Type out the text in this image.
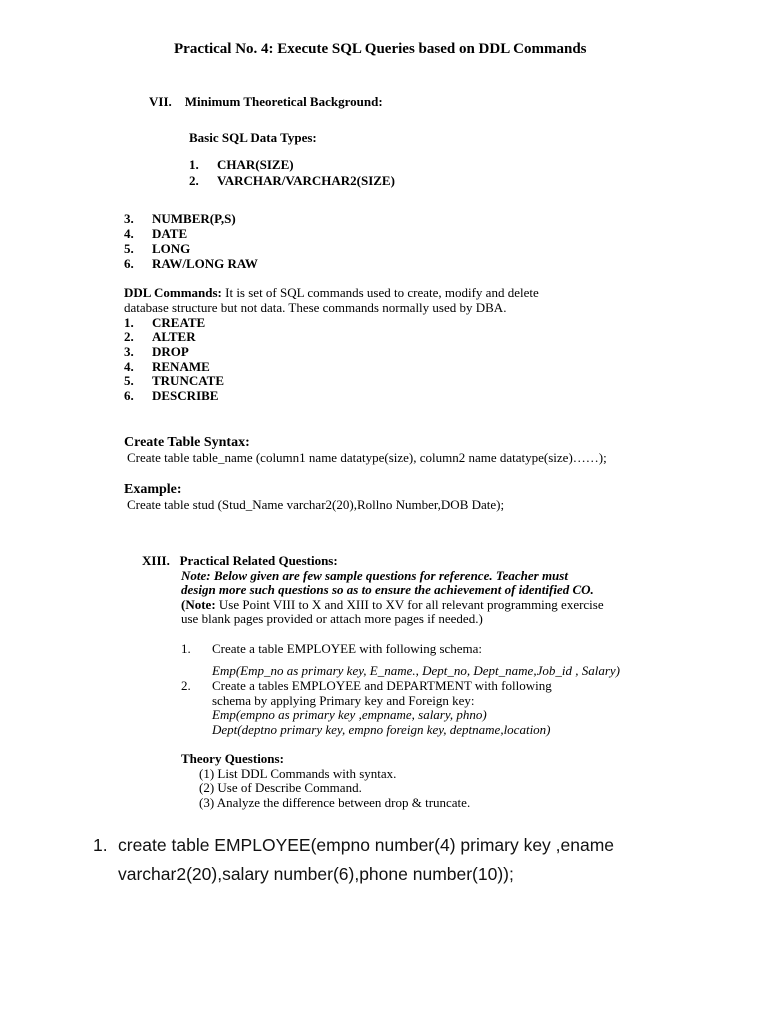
Practical No. 4: Execute SQL Queries based on DDL Commands
VII.    Minimum Theoretical Background:
Basic SQL Data Types:
1. CHAR(SIZE)
2. VARCHAR/VARCHAR2(SIZE)
3. NUMBER(P,S)
4. DATE
5. LONG
6. RAW/LONG RAW
DDL Commands: It is set of SQL commands used to create, modify and delete
database structure but not data. These commands normally used by DBA.
1. CREATE
2. ALTER
3. DROP
4. RENAME
5. TRUNCATE
6. DESCRIBE
Create Table Syntax:
Create table table_name (column1 name datatype(size), column2 name datatype(size)……);
Example:
Create table stud (Stud_Name varchar2(20),Rollno Number,DOB Date);
XIII.   Practical Related Questions:
Note: Below given are few sample questions for reference. Teacher must
design more such questions so as to ensure the achievement of identified CO.
(Note: Use Point VIII to X and XIII to XV for all relevant programming exercise
use blank pages provided or attach more pages if needed.)
1. Create a table EMPLOYEE with following schema:
Emp(Emp_no as primary key, E_name., Dept_no, Dept_name,Job_id , Salary)
2. Create a tables EMPLOYEE and DEPARTMENT with following
schema by applying Primary key and Foreign key:
Emp(empno as primary key ,empname, salary, phno)
Dept(deptno primary key, empno foreign key, deptname,location)
Theory Questions:
(1) List DDL Commands with syntax.
(2) Use of Describe Command.
(3) Analyze the difference between drop & truncate.
1. create table EMPLOYEE(empno number(4) primary key ,ename varchar2(20),salary number(6),phone number(10));
